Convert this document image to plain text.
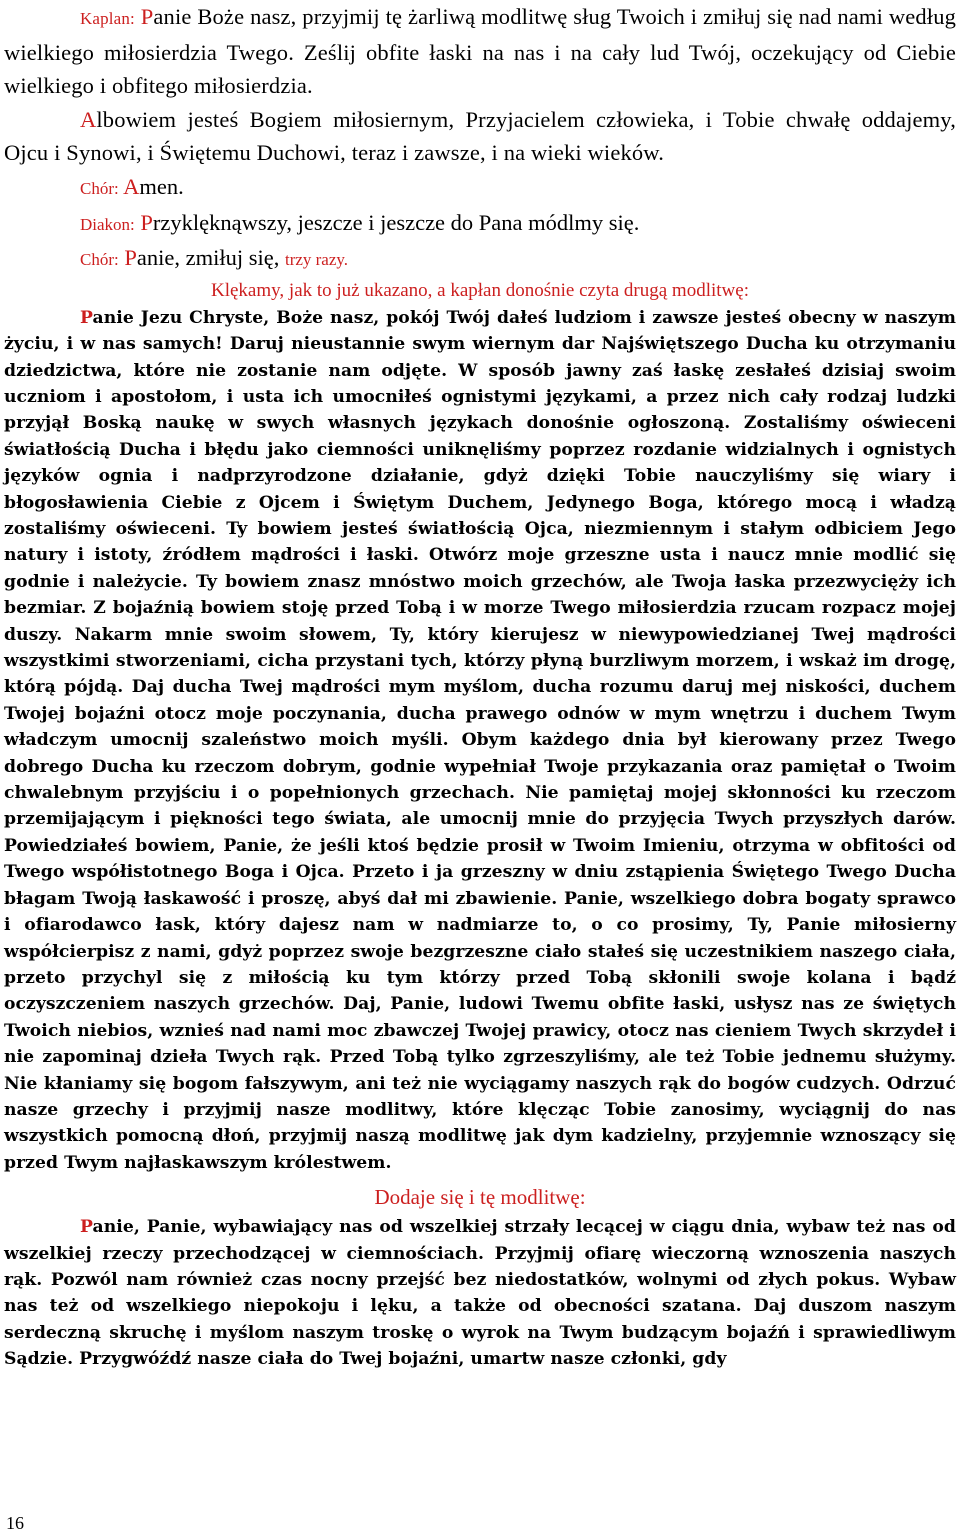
Kaplan: Panie Boże nasz, przyjmij tę żarliwą modlitwę sług Twoich i zmiłuj się nad nami według wielkiego miłosierdzia Twego. Ześlij obfite łaski na nas i na cały lud Twój, oczekujący od Ciebie wielkiego i obfitego miłosierdzia.

Albowiem jesteś Bogiem miłosiernym, Przyjacielem człowieka, i Tobie chwałę oddajemy, Ojcu i Synowi, i Świętemu Duchowi, teraz i zawsze, i na wieki wieków.

Chór: Amen.

Diakon: Przyklęknąwszy, jeszcze i jeszcze do Pana módlmy się.

Chór: Panie, zmiłuj się, trzy razy.

Klękamy, jak to już ukazano, a kapłan donośnie czyta drugą modlitwę:

Panie Jezu Chryste, Boże nasz, pokój Twój dałeś ludziom i zawsze jesteś obecny w naszym życiu, i w nas samych! Daruj nieustannie swym wiernym dar Najświętszego Ducha ku otrzymaniu dziedzictwa, które nie zostanie nam odjęte. W sposób jawny zaś łaskę zesłałeś dzisiaj swoim uczniom i apostołom, i usta ich umocniłeś ognistymi językami, a przez nich cały rodzaj ludzki przyjął Boską naukę w swych własnych językach donośnie ogłoszoną. Zostaliśmy oświeceni światłością Ducha i błędu jako ciemności uniknęliśmy poprzez rozdanie widzialnych i ognistych języków ognia i nadprzyrodzone działanie, gdyż dzięki Tobie nauczyliśmy się wiary i błogosławienia Ciebie z Ojcem i Świętym Duchem, Jedynego Boga, którego mocą i władzą zostaliśmy oświeceni. Ty bowiem jesteś światłością Ojca, niezmiennym i stałym odbiciem Jego natury i istoty, źródłem mądrości i łaski. Otwórz moje grzeszne usta i naucz mnie modlić się godnie i należycie. Ty bowiem znasz mnóstwo moich grzechów, ale Twoja łaska przezwycięży ich bezmiar. Z bojaźnią bowiem stoję przed Tobą i w morze Twego miłosierdzia rzucam rozpacz mojej duszy. Nakarm mnie swoim słowem, Ty, który kierujesz w niewypowiedzianej Twej mądrości wszystkimi stworzeniami, cicha przystani tych, którzy płyną burzliwym morzem, i wskaż im drogę, którą pójdą. Daj ducha Twej mądrości mym myślom, ducha rozumu daruj mej niskości, duchem Twojej bojaźni otocz moje poczynania, ducha prawego odnów w mym wnętrzu i duchem Twym władczym umocnij szaleństwo moich myśli. Obym każdego dnia był kierowany przez Twego dobrego Ducha ku rzeczom dobrym, godnie wypełniał Twoje przykazania oraz pamiętał o Twoim chwalebnym przyjściu i o popełnionych grzechach. Nie pamiętaj mojej skłonności ku rzeczom przemijającym i piękności tego świata, ale umocnij mnie do przyjęcia Twych przyszłych darów. Powiedziałeś bowiem, Panie, że jeśli ktoś będzie prosił w Twoim Imieniu, otrzyma w obfitości od Twego współistotnego Boga i Ojca. Przeto i ja grzeszny w dniu zstąpienia Świętego Twego Ducha błagam Twoją łaskawość i proszę, abyś dał mi zbawienie. Panie, wszelkiego dobra bogaty sprawco i ofiarodawco łask, który dajesz nam w nadmiarze to, o co prosimy, Ty, Panie miłosierny współcierpisz z nami, gdyż poprzez swoje bezgrzeszne ciało stałeś się uczestnikiem naszego ciała, przeto przychyl się z miłością ku tym którzy przed Tobą skłonili swoje kolana i bądź oczyszczeniem naszych grzechów. Daj, Panie, ludowi Twemu obfite łaski, usłysz nas ze świętych Twoich niebios, wznieś nad nami moc zbawczej Twojej prawicy, otocz nas cieniem Twych skrzydeł i nie zapominaj dzieła Twych rąk. Przed Tobą tylko zgrzeszyliśmy, ale też Tobie jednemu służymy. Nie kłaniamy się bogom fałszywym, ani też nie wyciągamy naszych rąk do bogów cudzych. Odrzuć nasze grzechy i przyjmij nasze modlitwy, które klęcząc Tobie zanosimy, wyciągnij do nas wszystkich pomocną dłoń, przyjmij naszą modlitwę jak dym kadzielny, przyjemnie wznoszący się przed Twym najłaskawszym królestwem.

Dodaje się i tę modlitwę:

Panie, Panie, wybawiający nas od wszelkiej strzały lecącej w ciągu dnia, wybaw też nas od wszelkiej rzeczy przechodzącej w ciemnościach. Przyjmij ofiarę wieczorną wznoszenia naszych rąk. Pozwól nam również czas nocny przejść bez niedostatków, wolnymi od złych pokus. Wybaw nas też od wszelkiego niepokoju i lęku, a także od obecności szatana. Daj duszom naszym serdeczną skruchę i myślom naszym troskę o wyrok na Twym budzącym bojaźń i sprawiedliwym Sądzie. Przygwóźdź nasze ciała do Twej bojaźni, umartw nasze członki, gdy

16
